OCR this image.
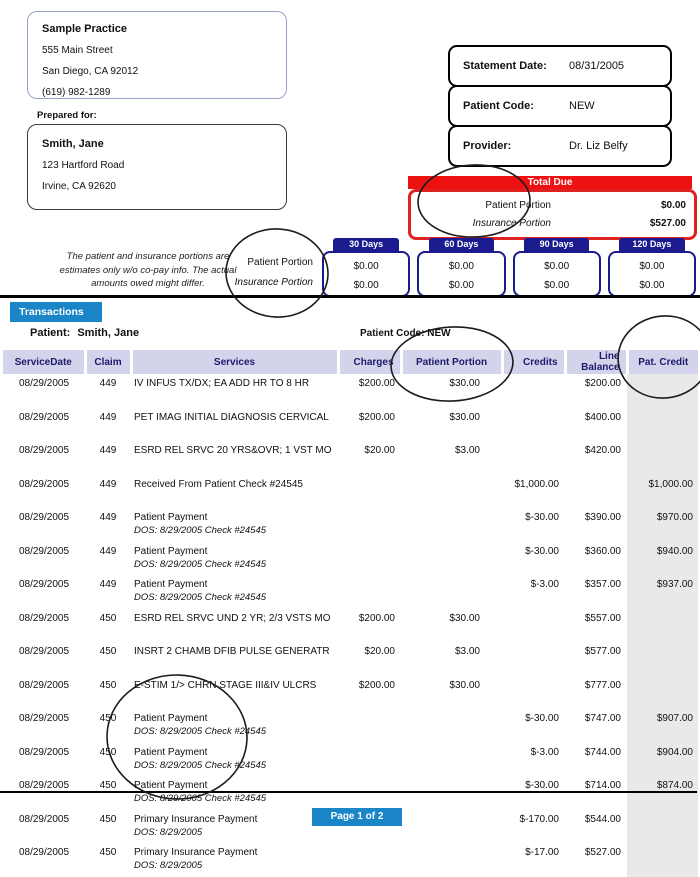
Sample Practice
555 Main Street
San Diego, CA 92012
(619) 982-1289
Prepared for:
Smith, Jane
123 Hartford Road
Irvine, CA 92620
Statement Date:	08/31/2005
Patient Code:	NEW
Provider:	Dr. Liz Belfy
Total Due
Patient Portion	$0.00
Insurance Portion	$527.00
The patient and insurance portions are
estimates only w/o co-pay info. The actual
amounts owed might differ.
Patient Portion
Insurance Portion
30 Days
$0.00
$0.00
60 Days
$0.00
$0.00
90 Days
$0.00
$0.00
120 Days
$0.00
$0.00
Transactions
Patient: Smith, Jane	Patient Code: NEW
ServiceDate	Claim	Services	Charges	Patient Portion	Credits	Line Balance	Pat. Credit
08/29/2005	449	IV INFUS TX/DX; EA ADD HR TO 8 HR	$200.00	$30.00		$200.00	
08/29/2005	449	PET IMAG INITIAL DIAGNOSIS CERVICAL	$200.00	$30.00		$400.00	
08/29/2005	449	ESRD REL SRVC 20 YRS&OVR; 1 VST MO	$20.00	$3.00		$420.00	
08/29/2005	449	Received From Patient Check #24545			$1,000.00		$1,000.00
08/29/2005	449	Patient Payment
DOS: 8/29/2005 Check #24545			$-30.00	$390.00	$970.00
08/29/2005	449	Patient Payment
DOS: 8/29/2005 Check #24545			$-30.00	$360.00	$940.00
08/29/2005	449	Patient Payment
DOS: 8/29/2005 Check #24545			$-3.00	$357.00	$937.00
08/29/2005	450	ESRD REL SRVC UND 2 YR; 2/3 VSTS MO	$200.00	$30.00		$557.00	
08/29/2005	450	INSRT 2 CHAMB DFIB PULSE GENERATR	$20.00	$3.00		$577.00	
08/29/2005	450	E-STIM 1/> CHRN STAGE III&IV ULCRS	$200.00	$30.00		$777.00	
08/29/2005	450	Patient Payment
DOS: 8/29/2005 Check #24545			$-30.00	$747.00	$907.00
08/29/2005	450	Patient Payment
DOS: 8/29/2005 Check #24545			$-3.00	$744.00	$904.00
08/29/2005	450	Patient Payment
DOS: 8/29/2005 Check #24545			$-30.00	$714.00	$874.00
08/29/2005	450	Primary Insurance Payment
DOS: 8/29/2005			$-170.00	$544.00	
08/29/2005	450	Primary Insurance Payment
DOS: 8/29/2005			$-17.00	$527.00	
Page 1 of 2
